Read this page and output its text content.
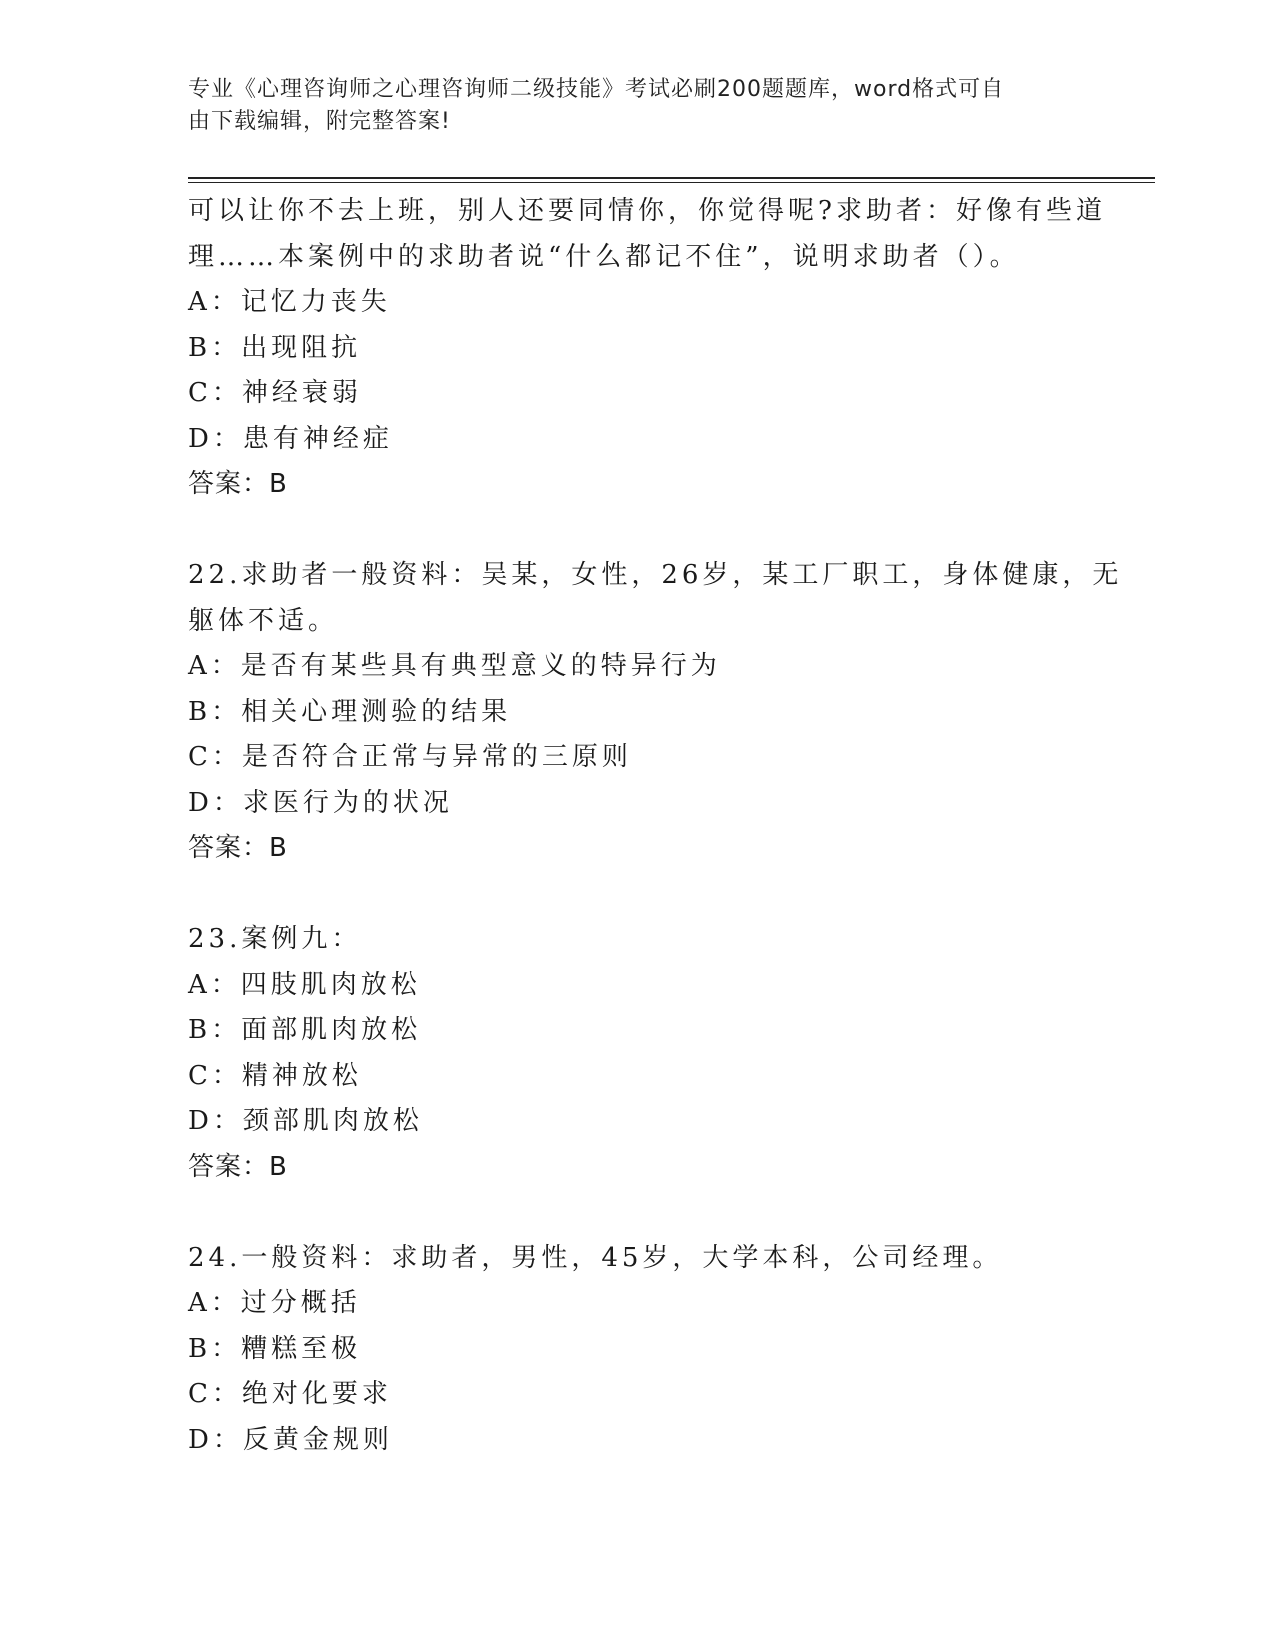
专业《心理咨询师之心理咨询师二级技能》考试必刷200题题库，word格式可自
由下载编辑，附完整答案!
可以让你不去上班，别人还要同情你，你觉得呢?求助者：好像有些道
理……本案例中的求助者说“什么都记不住”，说明求助者（）。
A：记忆力丧失
B：出现阻抗
C：神经衰弱
D：患有神经症
答案：B
22.求助者一般资料：吴某，女性，26岁，某工厂职工，身体健康，无
躯体不适。
A：是否有某些具有典型意义的特异行为
B：相关心理测验的结果
C：是否符合正常与异常的三原则
D：求医行为的状况
答案：B
23.案例九：
A：四肢肌肉放松
B：面部肌肉放松
C：精神放松
D：颈部肌肉放松
答案：B
24.一般资料：求助者，男性，45岁，大学本科，公司经理。
A：过分概括
B：糟糕至极
C：绝对化要求
D：反黄金规则
